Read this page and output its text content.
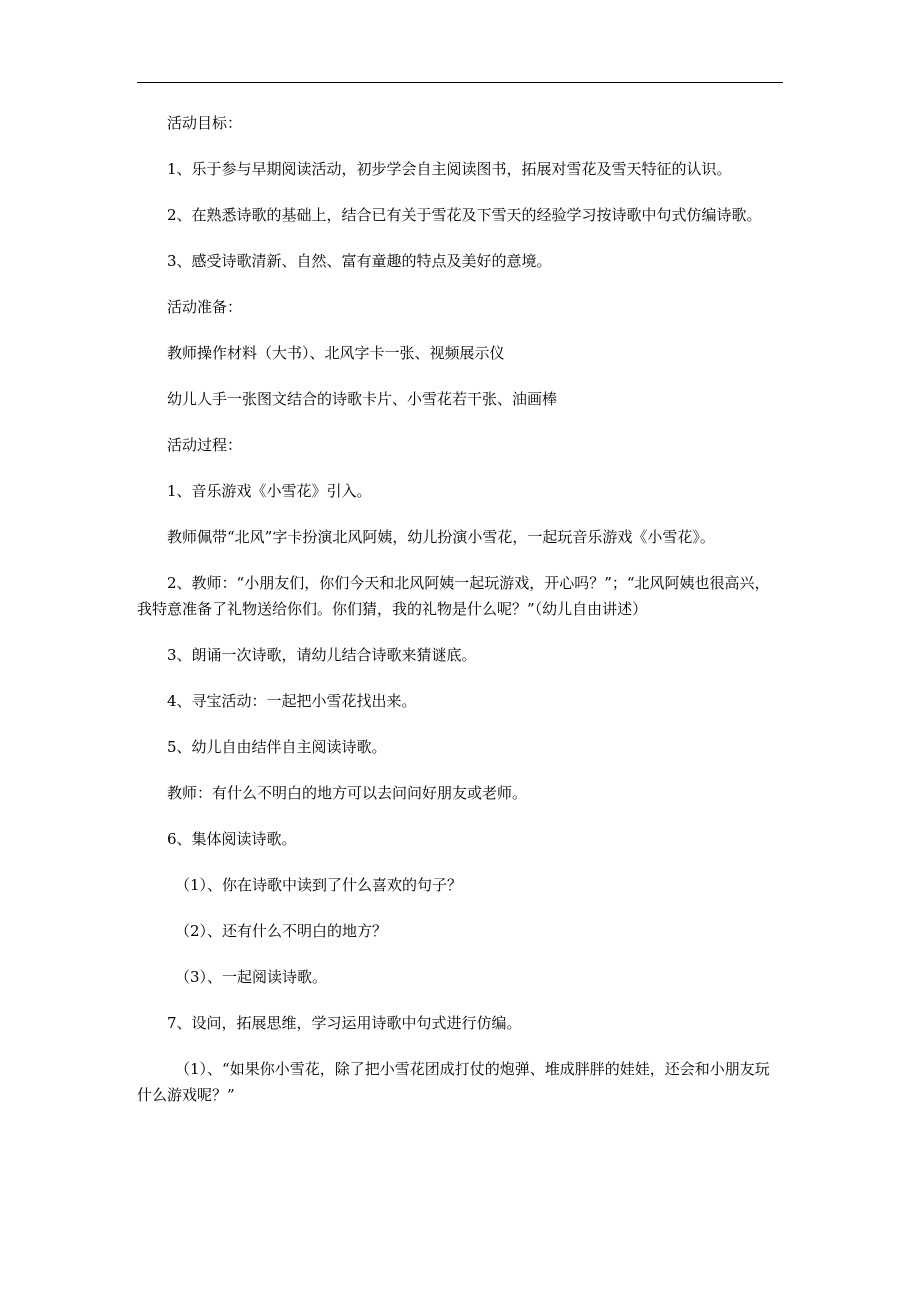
活动目标：

1、乐于参与早期阅读活动，初步学会自主阅读图书，拓展对雪花及雪天特征的认识。

2、在熟悉诗歌的基础上，结合已有关于雪花及下雪天的经验学习按诗歌中句式仿编诗歌。

3、感受诗歌清新、自然、富有童趣的特点及美好的意境。

活动准备：

教师操作材料（大书）、北风字卡一张、视频展示仪

幼儿人手一张图文结合的诗歌卡片、小雪花若干张、油画棒

活动过程：

1、音乐游戏《小雪花》引入。

教师佩带“北风”字卡扮演北风阿姨，幼儿扮演小雪花，一起玩音乐游戏《小雪花》。

2、教师：“小朋友们，你们今天和北风阿姨一起玩游戏，开心吗？”；“北风阿姨也很高兴，我特意准备了礼物送给你们。你们猜，我的礼物是什么呢？”（幼儿自由讲述）

3、朗诵一次诗歌，请幼儿结合诗歌来猜谜底。

4、寻宝活动：一起把小雪花找出来。

5、幼儿自由结伴自主阅读诗歌。

教师：有什么不明白的地方可以去问问好朋友或老师。

6、集体阅读诗歌。

（1）、你在诗歌中读到了什么喜欢的句子？

（2）、还有什么不明白的地方？

（3）、一起阅读诗歌。

7、设问，拓展思维，学习运用诗歌中句式进行仿编。

（1）、“如果你小雪花，除了把小雪花团成打仗的炮弹、堆成胖胖的娃娃，还会和小朋友玩什么游戏呢？”
